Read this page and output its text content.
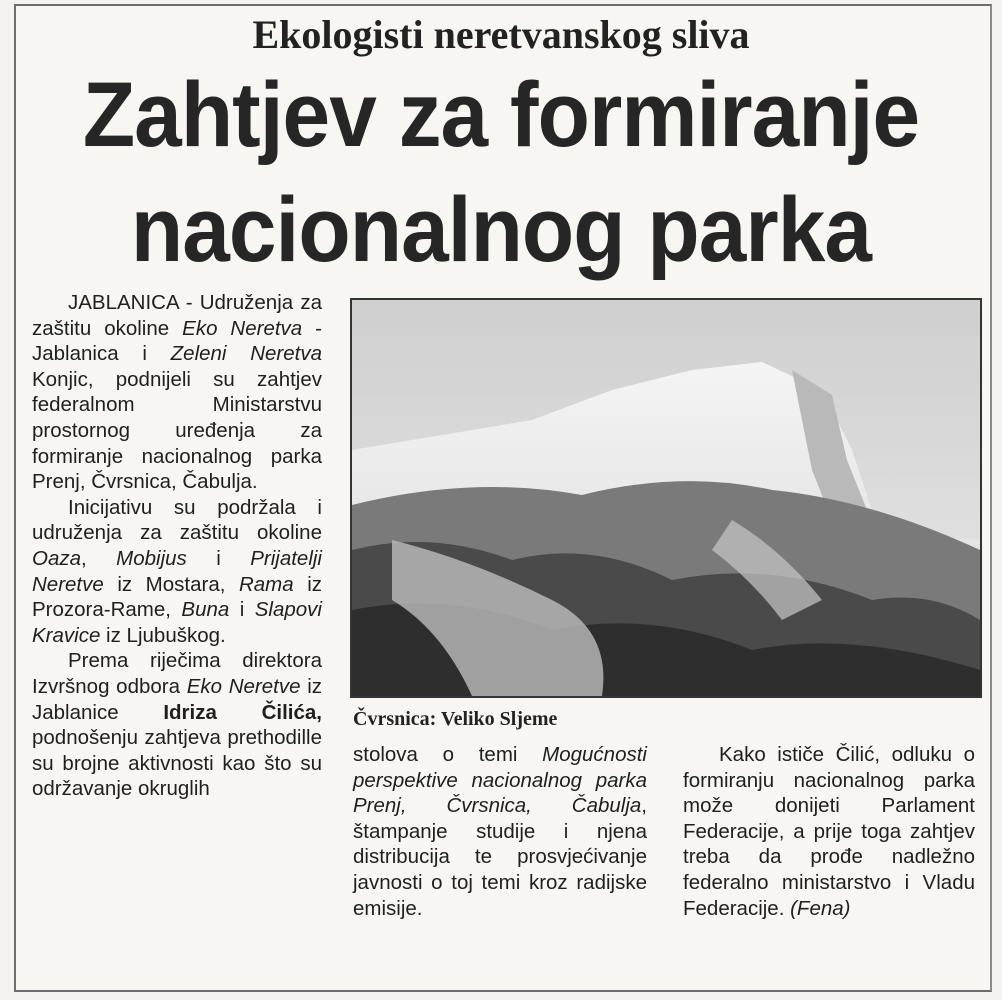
Ekologisti neretvanskog sliva
Zahtjev za formiranje
nacionalnog parka

JABLANICA - Udruženja za zaštitu okoline Eko Neretva - Jablanica i Zeleni Neretva Konjic, podnijeli su zahtjev federalnom Ministarstvu prostornog uređenja za formiranje nacionalnog parka Prenj, Čvrsnica, Čabulja.

Inicijativu su podržala i udruženja za zaštitu okoline Oaza, Mobijus i Prijatelji Neretve iz Mostara, Rama iz Prozora-Rame, Buna i Slapovi Kravice iz Ljubuškog.

Prema riječima direktora Izvršnog odbora Eko Neretve iz Jablanice Idriza Čilića, podnošenju zahtjeva prethodille su brojne aktivnosti kao što su održavanje okruglih

Čvrsnica: Veliko Sljeme

stolova o temi Mogućnosti perspektive nacionalnog parka Prenj, Čvrsnica, Čabulja, štampanje studije i njena distribucija te prosvjećivanje javnosti o toj temi kroz radijske emisije.

Kako ističe Čilić, odluku o formiranju nacionalnog parka može donijeti Parlament Federacije, a prije toga zahtjev treba da prođe nadležno federalno ministarstvo i Vladu Federacije. (Fena)
